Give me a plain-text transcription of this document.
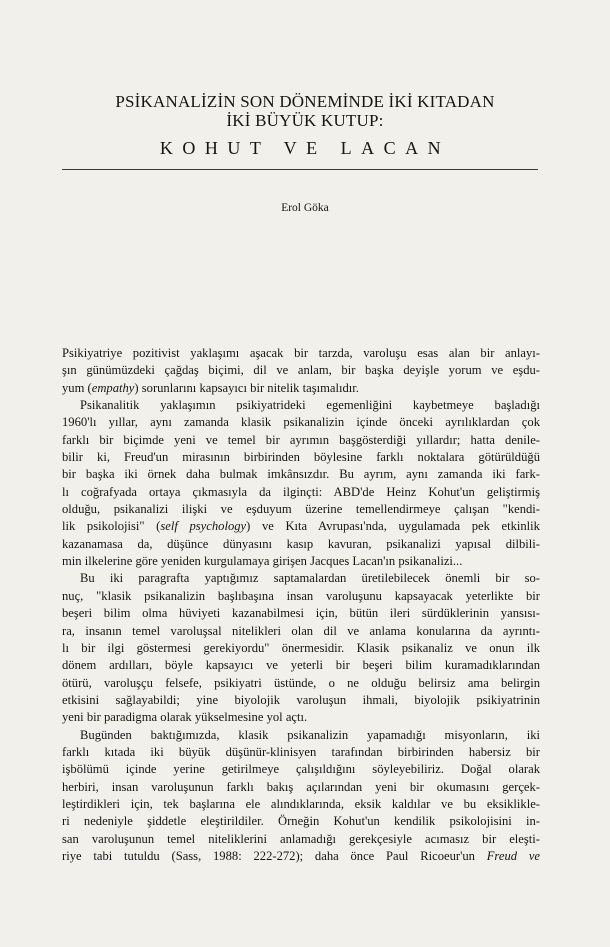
PSİKANALİZİN SON DÖNEMİNDE İKİ KITADAN

İKİ BÜYÜK KUTUP:

KOHUT VE LACAN

Erol Göka
Psikiyatriye pozitivist yaklaşımı aşacak bir tarzda, varoluşu esas alan bir anlayı-
şın günümüzdeki çağdaş biçimi, dil ve anlam, bir başka deyişle yorum ve eşdu-
yum (empathy) sorunlarını kapsayıcı bir nitelik taşımalıdır.
Psikanalitik yaklaşımın psikiyatrideki egemenliğini kaybetmeye başladığı
1960'lı yıllar, aynı zamanda klasik psikanalizin içinde önceki ayrılıklardan çok
farklı bir biçimde yeni ve temel bir ayrımın başgösterdiği yıllardır; hatta denile-
bilir ki, Freud'un mirasının birbirinden böylesine farklı noktalara götürüldüğü
bir başka iki örnek daha bulmak imkânsızdır. Bu ayrım, aynı zamanda iki fark-
lı coğrafyada ortaya çıkmasıyla da ilginçti: ABD'de Heinz Kohut'un geliştirmiş
olduğu, psikanalizi ilişki ve eşduyum üzerine temellendirmeye çalışan "kendi-
lik psikolojisi" (self psychology) ve Kıta Avrupası'nda, uygulamada pek etkinlik
kazanamasa da, düşünce dünyasını kasıp kavuran, psikanalizi yapısal dilbili-
min ilkelerine göre yeniden kurgulamaya girişen Jacques Lacan'ın psikanalizi...
Bu iki paragrafta yaptığımız saptamalardan üretilebilecek önemli bir so-
nuç, "klasik psikanalizin başlıbaşına insan varoluşunu kapsayacak yeterlikte bir
beşeri bilim olma hüviyeti kazanabilmesi için, bütün ileri sürdüklerinin yansısı-
ra, insanın temel varoluşsal nitelikleri olan dil ve anlama konularına da ayrıntı-
lı bir ilgi göstermesi gerekiyordu" önermesidir. Klasik psikanaliz ve onun ilk
dönem ardılları, böyle kapsayıcı ve yeterli bir beşeri bilim kuramadıklarından
ötürü, varoluşçu felsefe, psikiyatri üstünde, o ne olduğu belirsiz ama belirgin
etkisini sağlayabildi; yine biyolojik varoluşun ihmali, biyolojik psikiyatrinin
yeni bir paradigma olarak yükselmesine yol açtı.
Bugünden baktığımızda, klasik psikanalizin yapamadığı misyonların, iki
farklı kıtada iki büyük düşünür-klinisyen tarafından birbirinden habersiz bir
işbölümü içinde yerine getirilmeye çalışıldığını söyleyebiliriz. Doğal olarak
herbiri, insan varoluşunun farklı bakış açılarından yeni bir okumasını gerçek-
leştirdikleri için, tek başlarına ele alındıklarında, eksik kaldılar ve bu eksiklikle-
ri nedeniyle şiddetle eleştirildiler. Örneğin Kohut'un kendilik psikolojisini in-
san varoluşunun temel niteliklerini anlamadığı gerekçesiyle acımasız bir eleşti-
riye tabi tutuldu (Sass, 1988: 222-272); daha önce Paul Ricoeur'un Freud ve
